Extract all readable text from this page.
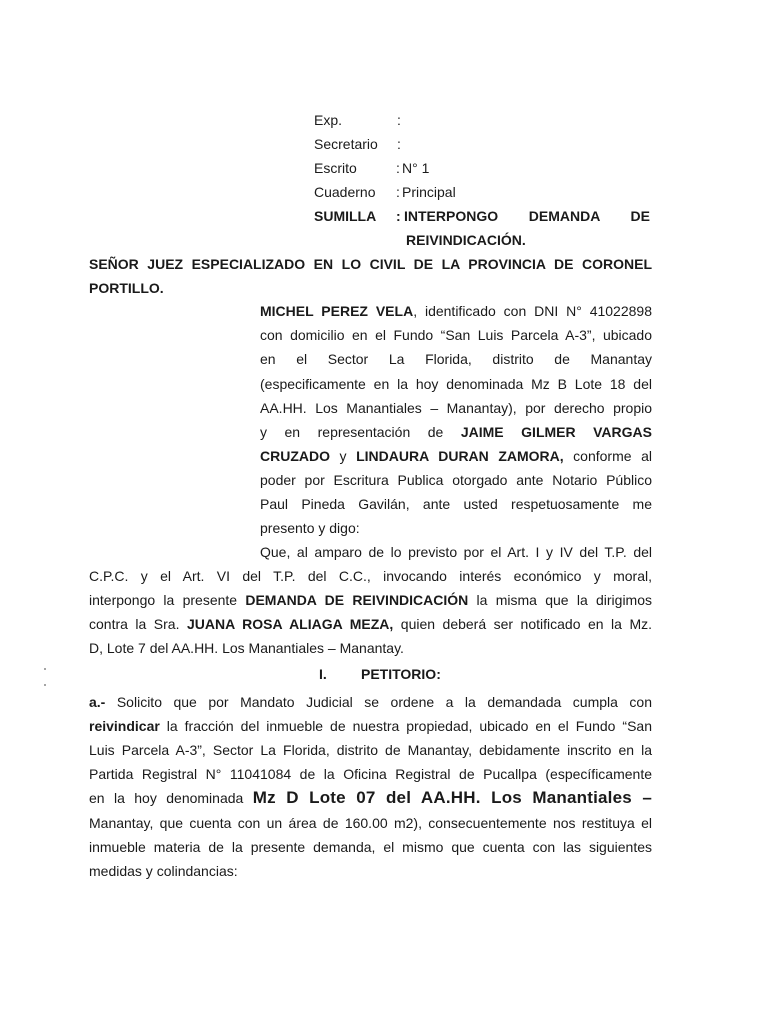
Exp.	:
Secretario	:
Escrito	: N° 1
Cuaderno	: Principal
SUMILLA	: INTERPONGO DEMANDA DE
REIVINDICACIÓN.
SEÑOR JUEZ ESPECIALIZADO EN LO CIVIL DE LA PROVINCIA DE CORONEL
PORTILLO.
MICHEL PEREZ VELA, identificado con DNI N° 41022898
con domicilio en el Fundo “San Luis Parcela A-3”, ubicado
en el Sector La Florida, distrito de Manantay
(especificamente en la hoy denominada Mz B Lote 18 del
AA.HH. Los Manantiales – Manantay), por derecho propio
y en representación de JAIME GILMER VARGAS
CRUZADO y LINDAURA DURAN ZAMORA, conforme al
poder por Escritura Publica otorgado ante Notario Público
Paul Pineda Gavilán, ante usted respetuosamente me
presento y digo:
Que, al amparo de lo previsto por el Art. I y IV del T.P. del
C.P.C. y el Art. VI del T.P. del C.C., invocando interés económico y moral,
interpongo la presente DEMANDA DE REIVINDICACIÓN la misma que la dirigimos
contra la Sra. JUANA ROSA ALIAGA MEZA, quien deberá ser notificado en la Mz.
D, Lote 7 del AA.HH. Los Manantiales – Manantay.
I. PETITORIO:
a.- Solicito que por Mandato Judicial se ordene a la demandada cumpla con
reivindicar la fracción del inmueble de nuestra propiedad, ubicado en el Fundo “San
Luis Parcela A-3”, Sector La Florida, distrito de Manantay, debidamente inscrito en la
Partida Registral N° 11041084 de la Oficina Registral de Pucallpa (específicamente
en la hoy denominada Mz D Lote 07 del AA.HH. Los Manantiales –
Manantay, que cuenta con un área de 160.00 m2), consecuentemente nos restituya el
inmueble materia de la presente demanda, el mismo que cuenta con las siguientes
medidas y colindancias:
